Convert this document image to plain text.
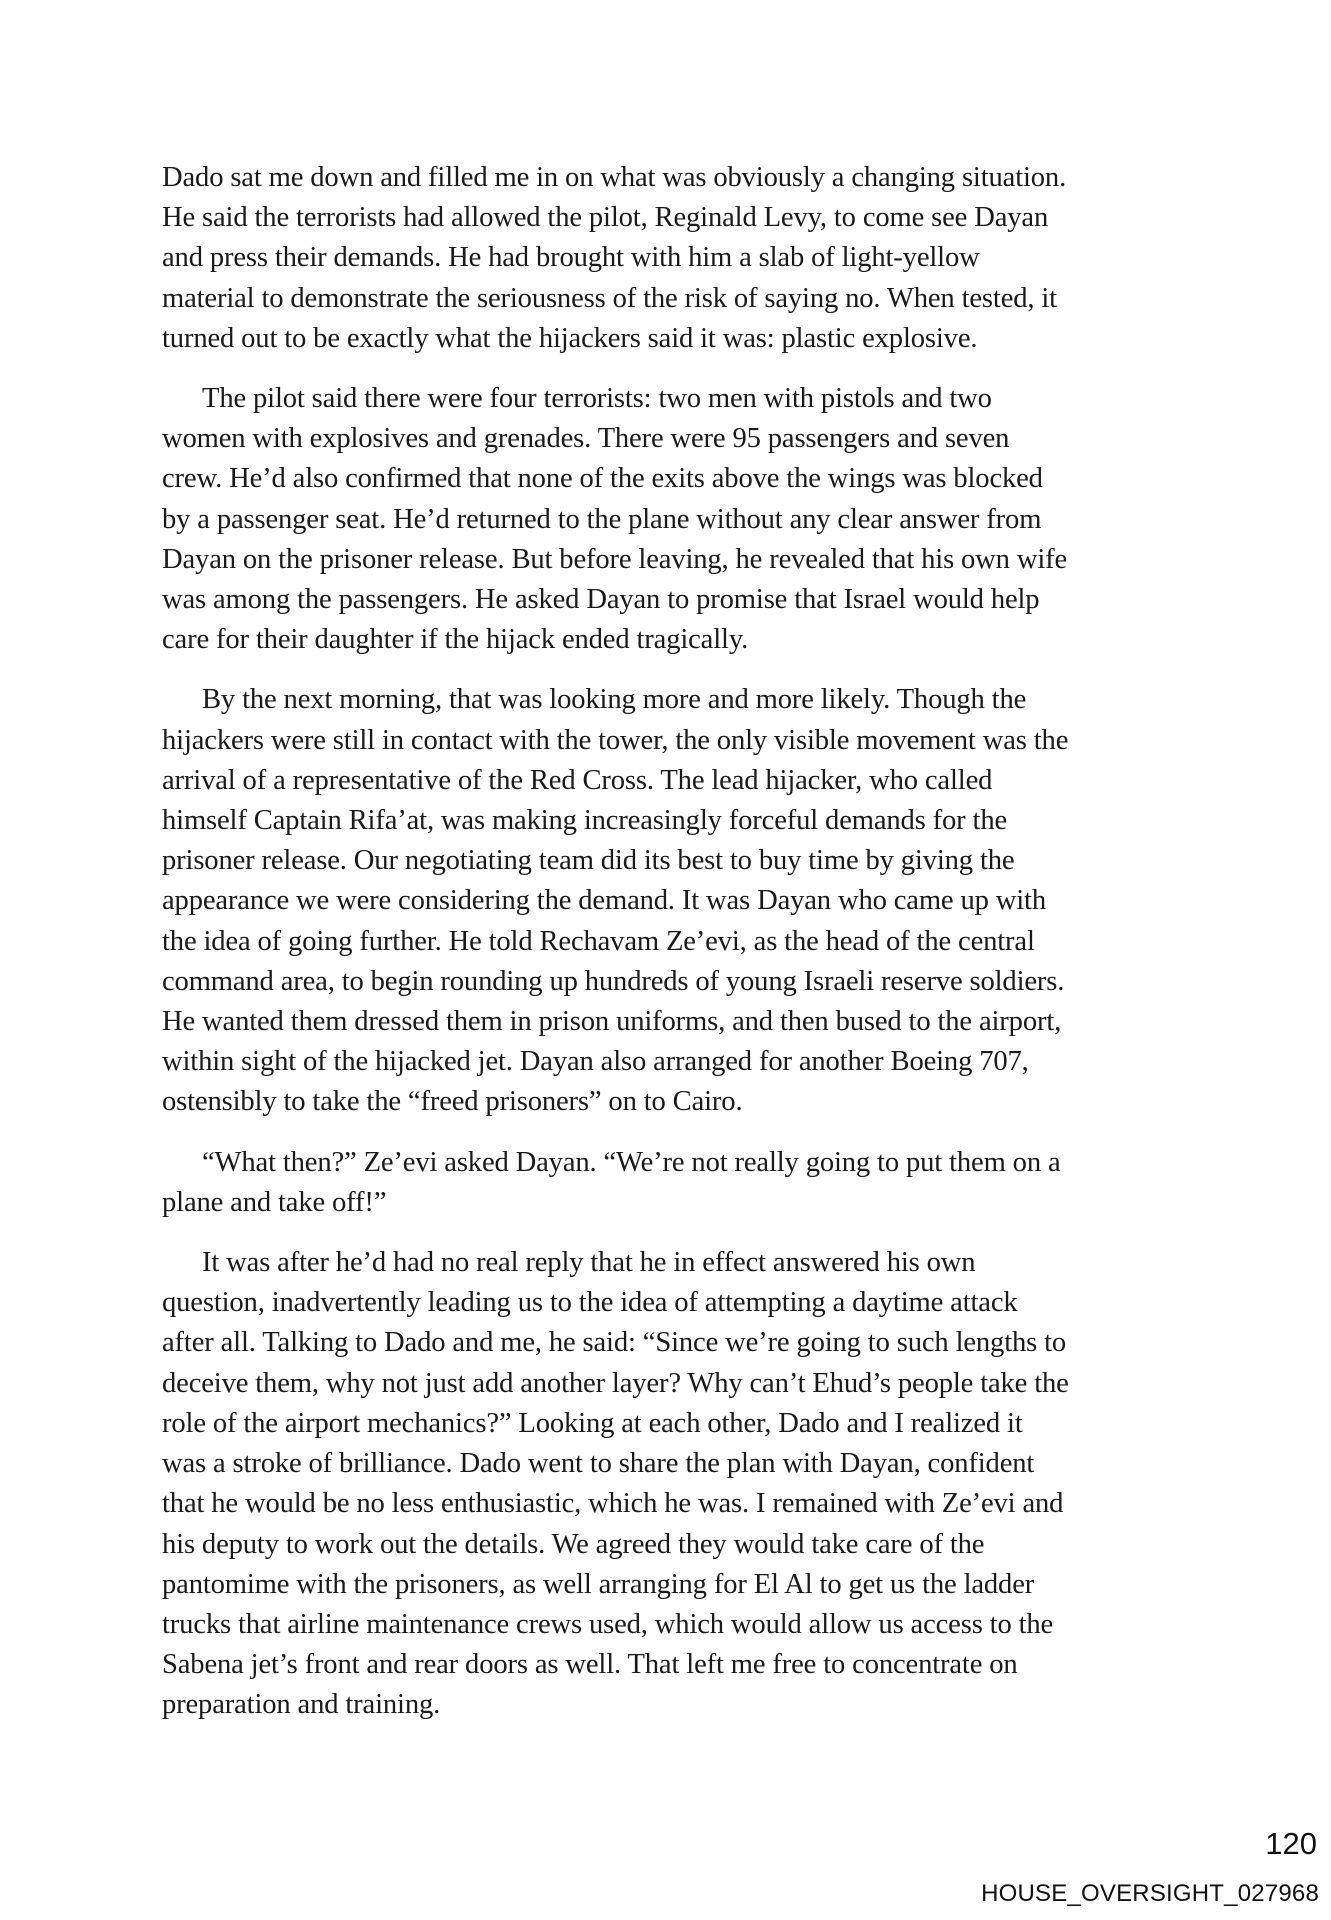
Dado sat me down and filled me in on what was obviously a changing situation.
He said the terrorists had allowed the pilot, Reginald Levy, to come see Dayan
and press their demands. He had brought with him a slab of light-yellow
material to demonstrate the seriousness of the risk of saying no. When tested, it
turned out to be exactly what the hijackers said it was: plastic explosive.

The pilot said there were four terrorists: two men with pistols and two
women with explosives and grenades. There were 95 passengers and seven
crew. He’d also confirmed that none of the exits above the wings was blocked
by a passenger seat. He’d returned to the plane without any clear answer from
Dayan on the prisoner release. But before leaving, he revealed that his own wife
was among the passengers. He asked Dayan to promise that Israel would help
care for their daughter if the hijack ended tragically.

By the next morning, that was looking more and more likely. Though the
hijackers were still in contact with the tower, the only visible movement was the
arrival of a representative of the Red Cross. The lead hijacker, who called
himself Captain Rifa’at, was making increasingly forceful demands for the
prisoner release. Our negotiating team did its best to buy time by giving the
appearance we were considering the demand. It was Dayan who came up with
the idea of going further. He told Rechavam Ze’evi, as the head of the central
command area, to begin rounding up hundreds of young Israeli reserve soldiers.
He wanted them dressed them in prison uniforms, and then bused to the airport,
within sight of the hijacked jet. Dayan also arranged for another Boeing 707,
ostensibly to take the “freed prisoners” on to Cairo.

“What then?” Ze’evi asked Dayan. “We’re not really going to put them on a
plane and take off!”

It was after he’d had no real reply that he in effect answered his own
question, inadvertently leading us to the idea of attempting a daytime attack
after all. Talking to Dado and me, he said: “Since we’re going to such lengths to
deceive them, why not just add another layer? Why can’t Ehud’s people take the
role of the airport mechanics?” Looking at each other, Dado and I realized it
was a stroke of brilliance. Dado went to share the plan with Dayan, confident
that he would be no less enthusiastic, which he was. I remained with Ze’evi and
his deputy to work out the details. We agreed they would take care of the
pantomime with the prisoners, as well arranging for El Al to get us the ladder
trucks that airline maintenance crews used, which would allow us access to the
Sabena jet’s front and rear doors as well. That left me free to concentrate on
preparation and training.

120
HOUSE_OVERSIGHT_027968
